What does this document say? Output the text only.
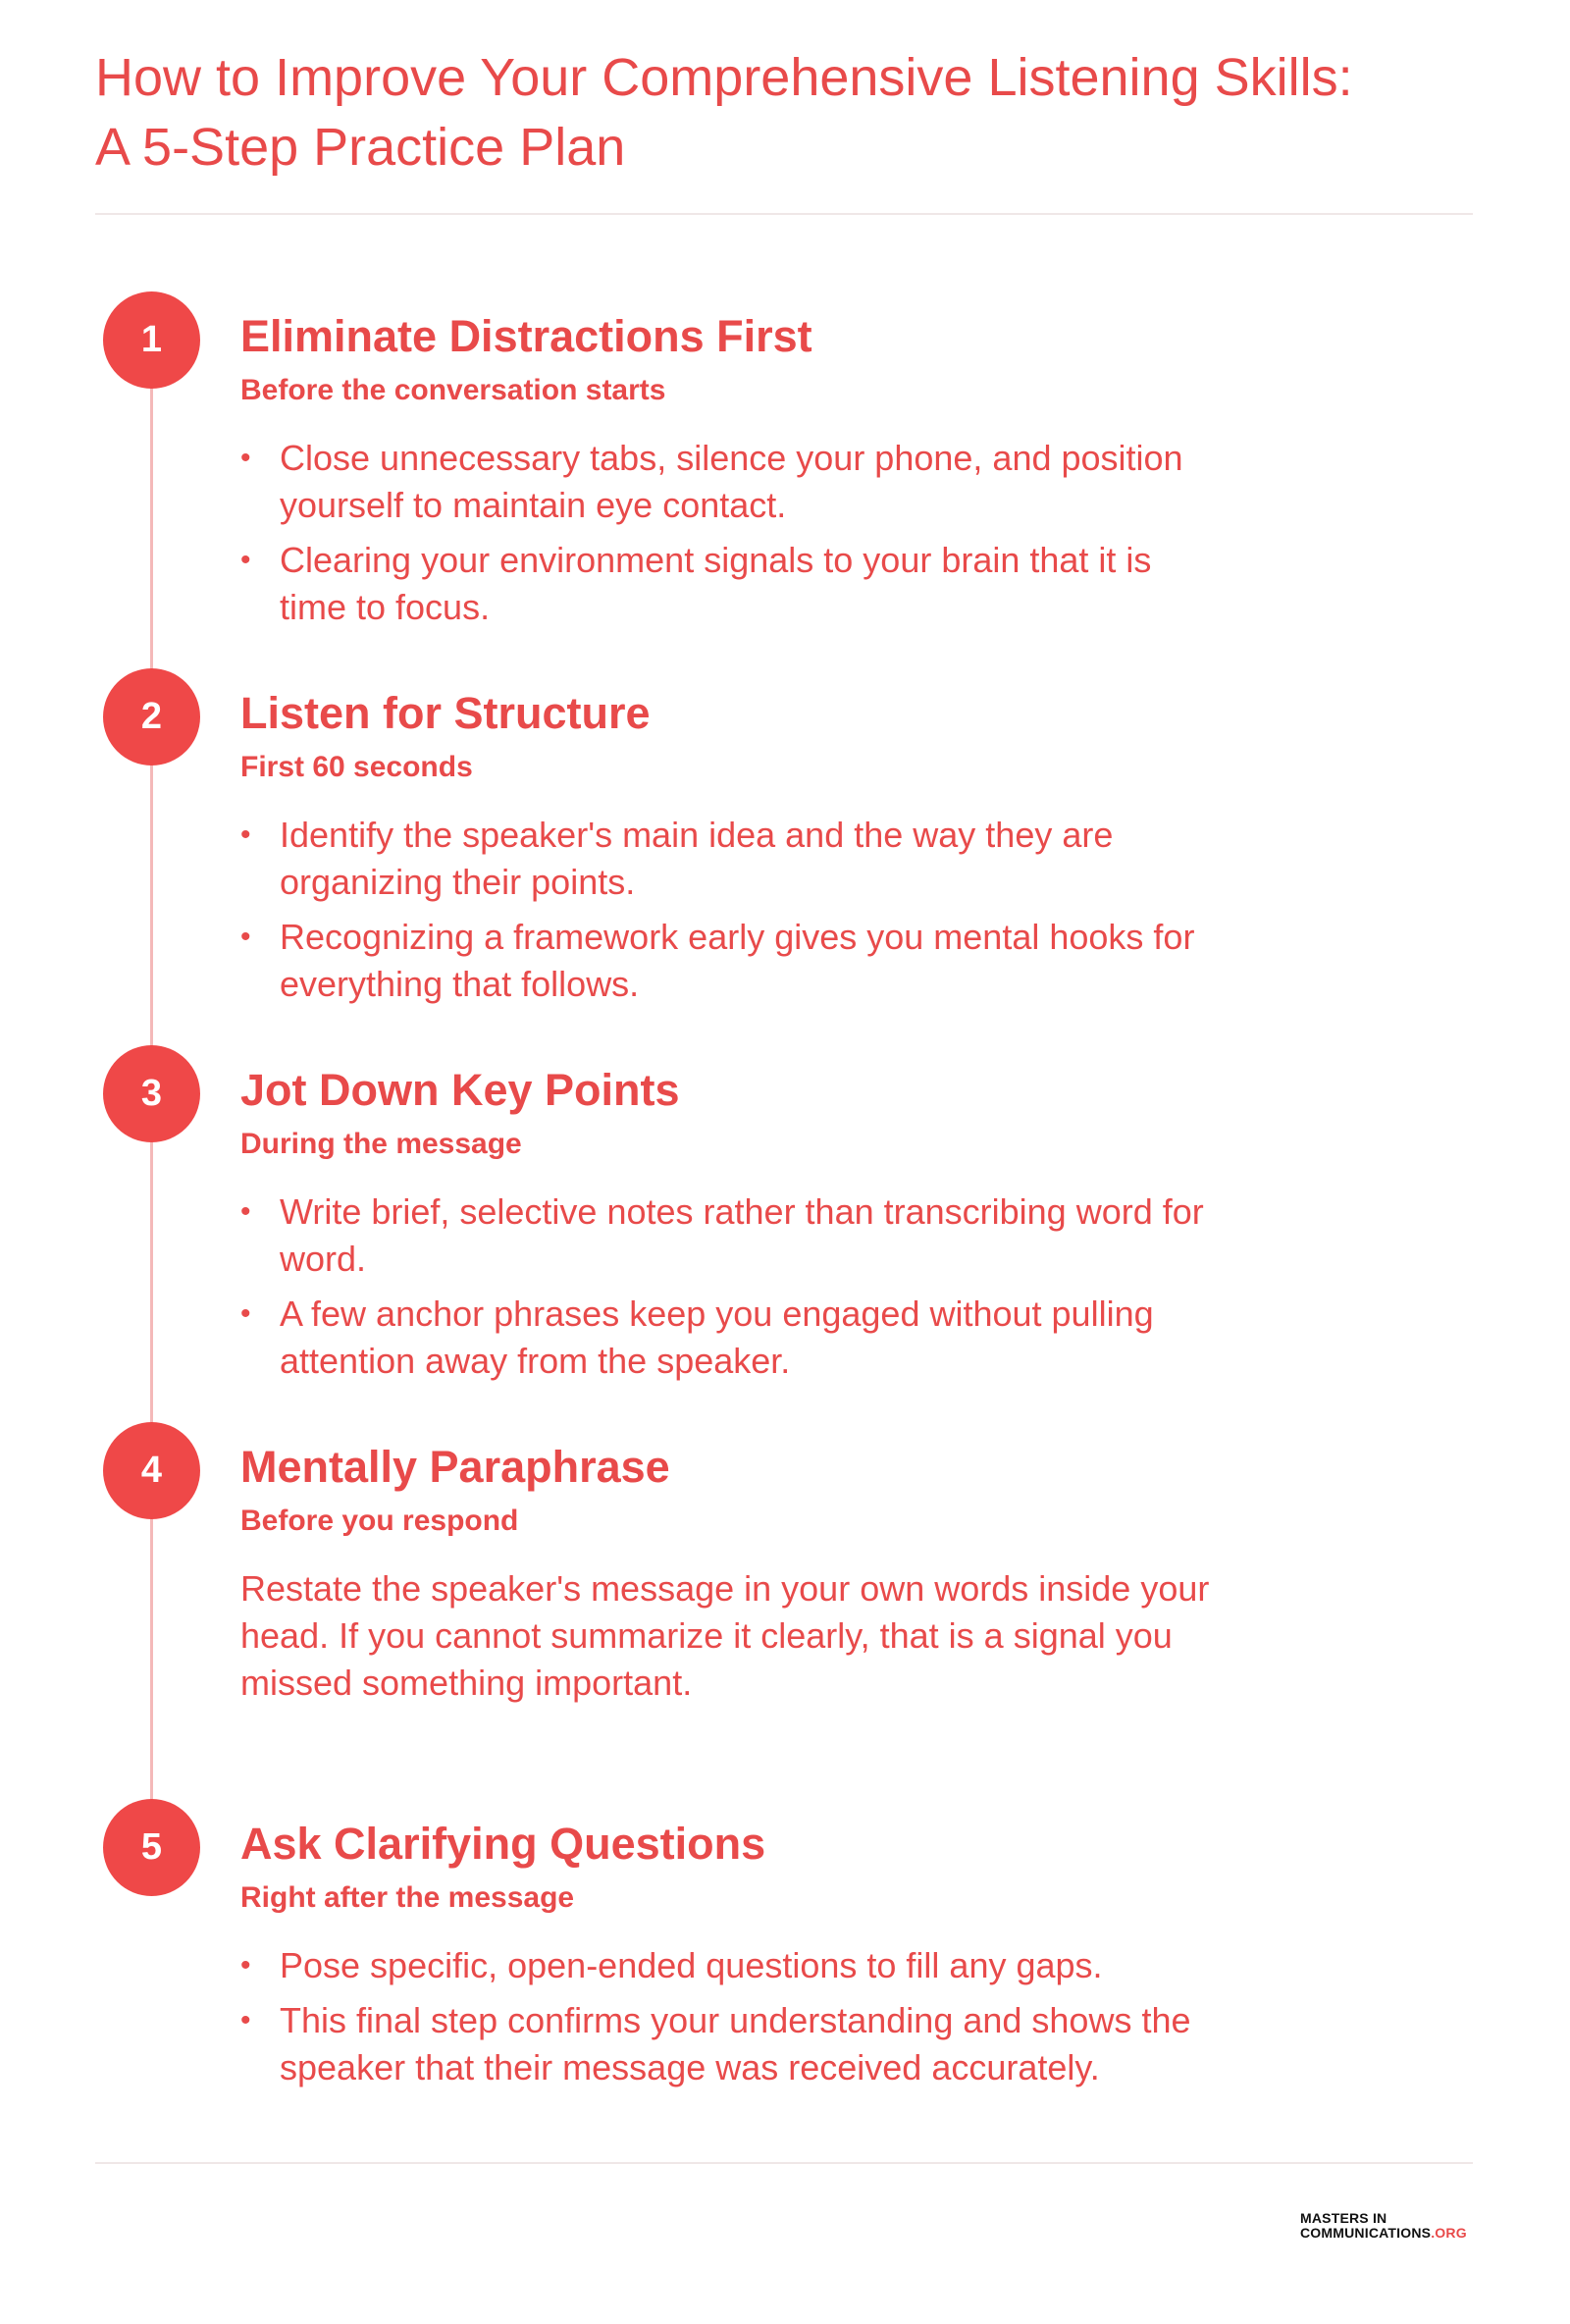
How to Improve Your Comprehensive Listening Skills: A 5-Step Practice Plan
1	Eliminate Distractions First

Before the conversation starts

• Close unnecessary tabs, silence your phone, and position yourself to maintain eye contact.
• Clearing your environment signals to your brain that it is time to focus.
2	Listen for Structure

First 60 seconds

• Identify the speaker's main idea and the way they are organizing their points.
• Recognizing a framework early gives you mental hooks for everything that follows.
3	Jot Down Key Points

During the message

• Write brief, selective notes rather than transcribing word for word.
• A few anchor phrases keep you engaged without pulling attention away from the speaker.
4	Mentally Paraphrase

Before you respond

Restate the speaker's message in your own words inside your head. If you cannot summarize it clearly, that is a signal you missed something important.

5	Ask Clarifying Questions

Right after the message

• Pose specific, open-ended questions to fill any gaps.
• This final step confirms your understanding and shows the speaker that their message was received accurately.
MASTERS IN
COMMUNICATIONS.ORG
